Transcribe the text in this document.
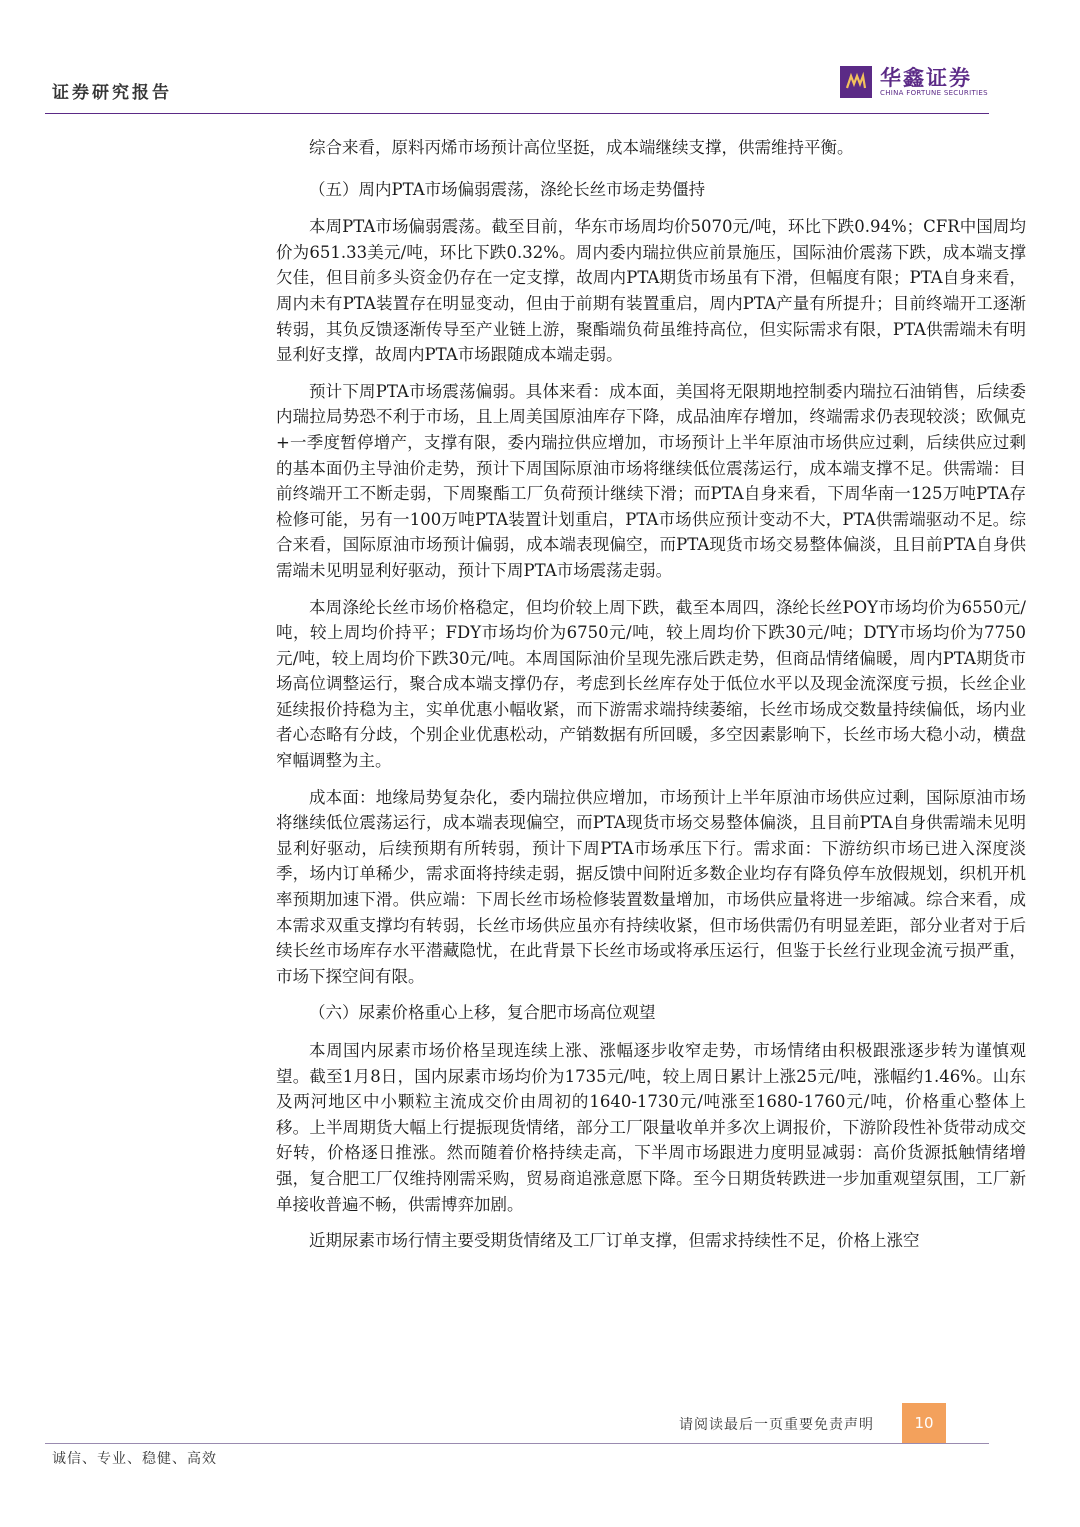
证券研究报告
华鑫证券
CHINA FORTUNE SECURITIES

综合来看，原料丙烯市场预计高位坚挺，成本端继续支撑，供需维持平衡。

（五）周内PTA市场偏弱震荡，涤纶长丝市场走势僵持

本周PTA市场偏弱震荡。截至目前，华东市场周均价5070元/吨，环比下跌0.94%；CFR中国周均价为651.33美元/吨，环比下跌0.32%。周内委内瑞拉供应前景施压，国际油价震荡下跌，成本端支撑欠佳，但目前多头资金仍存在一定支撑，故周内PTA期货市场虽有下滑，但幅度有限；PTA自身来看，周内未有PTA装置存在明显变动，但由于前期有装置重启，周内PTA产量有所提升；目前终端开工逐渐转弱，其负反馈逐渐传导至产业链上游，聚酯端负荷虽维持高位，但实际需求有限，PTA供需端未有明显利好支撑，故周内PTA市场跟随成本端走弱。

预计下周PTA市场震荡偏弱。具体来看：成本面，美国将无限期地控制委内瑞拉石油销售，后续委内瑞拉局势恐不利于市场，且上周美国原油库存下降，成品油库存增加，终端需求仍表现较淡；欧佩克+一季度暂停增产，支撑有限，委内瑞拉供应增加，市场预计上半年原油市场供应过剩，后续供应过剩的基本面仍主导油价走势，预计下周国际原油市场将继续低位震荡运行，成本端支撑不足。供需端：目前终端开工不断走弱，下周聚酯工厂负荷预计继续下滑；而PTA自身来看，下周华南一125万吨PTA存检修可能，另有一100万吨PTA装置计划重启，PTA市场供应预计变动不大，PTA供需端驱动不足。综合来看，国际原油市场预计偏弱，成本端表现偏空，而PTA现货市场交易整体偏淡，且目前PTA自身供需端未见明显利好驱动，预计下周PTA市场震荡走弱。

本周涤纶长丝市场价格稳定，但均价较上周下跌，截至本周四，涤纶长丝POY市场均价为6550元/吨，较上周均价持平；FDY市场均价为6750元/吨，较上周均价下跌30元/吨；DTY市场均价为7750元/吨，较上周均价下跌30元/吨。本周国际油价呈现先涨后跌走势，但商品情绪偏暖，周内PTA期货市场高位调整运行，聚合成本端支撑仍存，考虑到长丝库存处于低位水平以及现金流深度亏损，长丝企业延续报价持稳为主，实单优惠小幅收紧，而下游需求端持续萎缩，长丝市场成交数量持续偏低，场内业者心态略有分歧，个别企业优惠松动，产销数据有所回暖，多空因素影响下，长丝市场大稳小动，横盘窄幅调整为主。

成本面：地缘局势复杂化，委内瑞拉供应增加，市场预计上半年原油市场供应过剩，国际原油市场将继续低位震荡运行，成本端表现偏空，而PTA现货市场交易整体偏淡，且目前PTA自身供需端未见明显利好驱动，后续预期有所转弱，预计下周PTA市场承压下行。需求面：下游纺织市场已进入深度淡季，场内订单稀少，需求面将持续走弱，据反馈中间附近多数企业均存有降负停车放假规划，织机开机率预期加速下滑。供应端：下周长丝市场检修装置数量增加，市场供应量将进一步缩减。综合来看，成本需求双重支撑均有转弱，长丝市场供应虽亦有持续收紧，但市场供需仍有明显差距，部分业者对于后续长丝市场库存水平潜藏隐忧，在此背景下长丝市场或将承压运行，但鉴于长丝行业现金流亏损严重，市场下探空间有限。

（六）尿素价格重心上移，复合肥市场高位观望

本周国内尿素市场价格呈现连续上涨、涨幅逐步收窄走势，市场情绪由积极跟涨逐步转为谨慎观望。截至1月8日，国内尿素市场均价为1735元/吨，较上周日累计上涨25元/吨，涨幅约1.46%。山东及两河地区中小颗粒主流成交价由周初的1640-1730元/吨涨至1680-1760元/吨，价格重心整体上移。上半周期货大幅上行提振现货情绪，部分工厂限量收单并多次上调报价，下游阶段性补货带动成交好转，价格逐日推涨。然而随着价格持续走高，下半周市场跟进力度明显减弱：高价货源抵触情绪增强，复合肥工厂仅维持刚需采购，贸易商追涨意愿下降。至今日期货转跌进一步加重观望氛围，工厂新单接收普遍不畅，供需博弈加剧。

近期尿素市场行情主要受期货情绪及工厂订单支撑，但需求持续性不足，价格上涨空

请阅读最后一页重要免责声明	10
诚信、专业、稳健、高效
